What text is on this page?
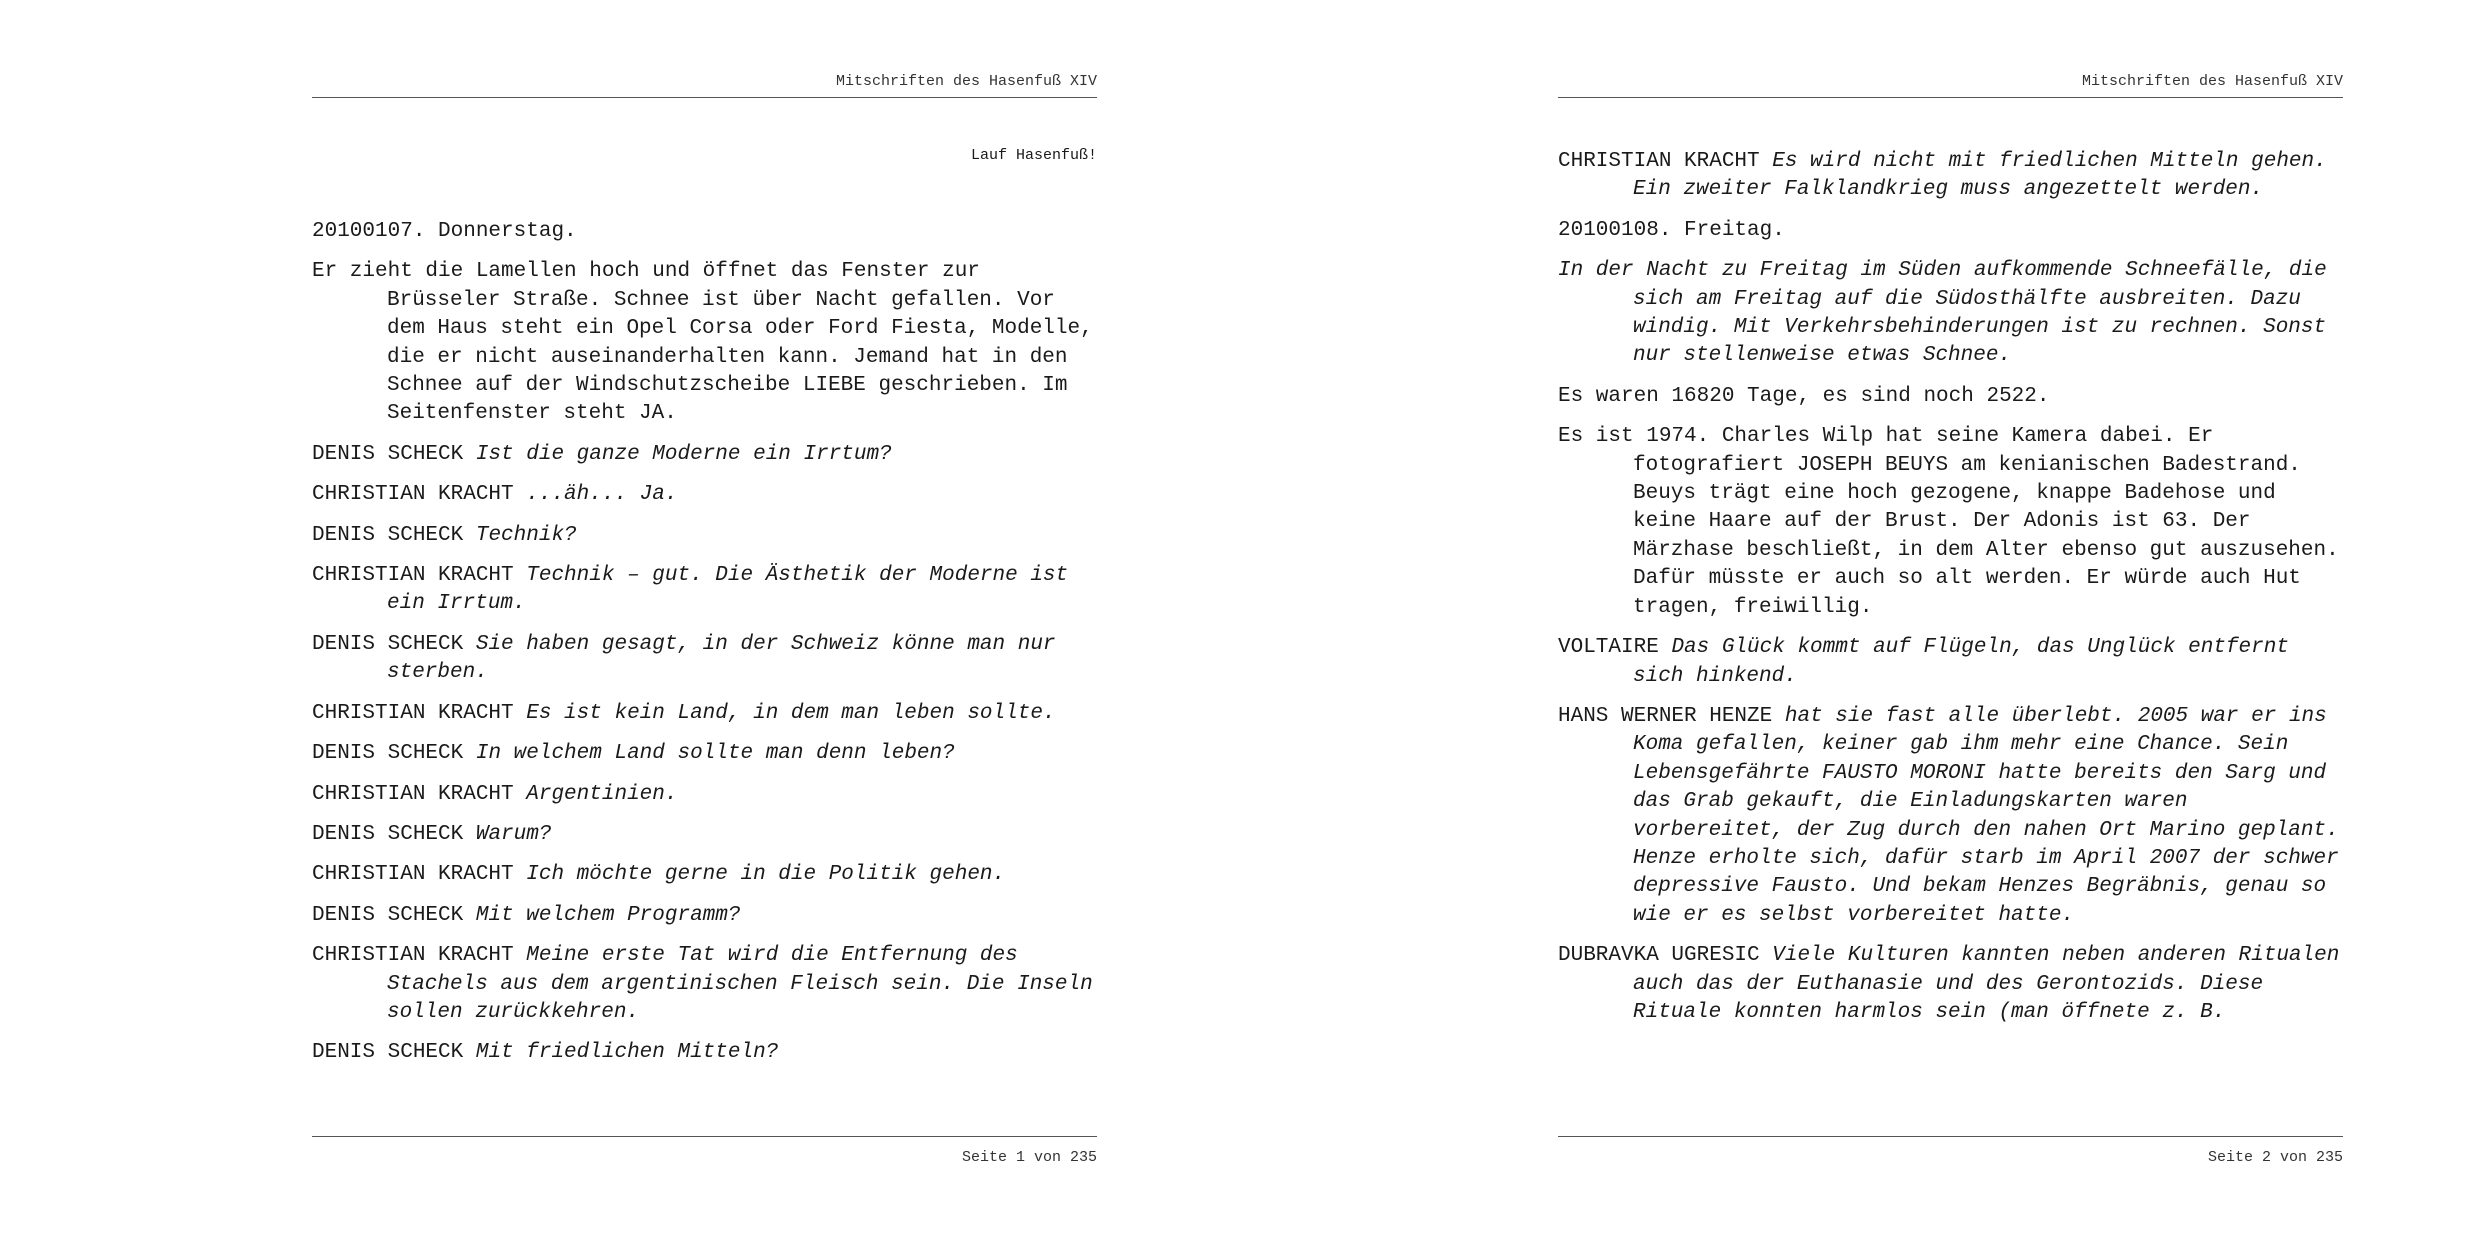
Mitschriften des Hasenfuß XIV
Lauf Hasenfuß!
20100107. Donnerstag.
Er zieht die Lamellen hoch und öffnet das Fenster zur Brüsseler Straße. Schnee ist über Nacht gefallen. Vor dem Haus steht ein Opel Corsa oder Ford Fiesta, Modelle, die er nicht auseinanderhalten kann. Jemand hat in den Schnee auf der Windschutzscheibe LIEBE geschrieben. Im Seitenfenster steht JA.
DENIS SCHECK Ist die ganze Moderne ein Irrtum?
CHRISTIAN KRACHT ...äh... Ja.
DENIS SCHECK Technik?
CHRISTIAN KRACHT Technik – gut. Die Ästhetik der Moderne ist ein Irrtum.
DENIS SCHECK Sie haben gesagt, in der Schweiz könne man nur sterben.
CHRISTIAN KRACHT Es ist kein Land, in dem man leben sollte.
DENIS SCHECK In welchem Land sollte man denn leben?
CHRISTIAN KRACHT Argentinien.
DENIS SCHECK Warum?
CHRISTIAN KRACHT Ich möchte gerne in die Politik gehen.
DENIS SCHECK Mit welchem Programm?
CHRISTIAN KRACHT Meine erste Tat wird die Entfernung des Stachels aus dem argentinischen Fleisch sein. Die Inseln sollen zurückkehren.
DENIS SCHECK Mit friedlichen Mitteln?
Seite 1 von 235
Mitschriften des Hasenfuß XIV
CHRISTIAN KRACHT Es wird nicht mit friedlichen Mitteln gehen. Ein zweiter Falklandkrieg muss angezettelt werden.
20100108. Freitag.
In der Nacht zu Freitag im Süden aufkommende Schneefälle, die sich am Freitag auf die Südosthälfte ausbreiten. Dazu windig. Mit Verkehrsbehinderungen ist zu rechnen. Sonst nur stellenweise etwas Schnee.
Es waren 16820 Tage, es sind noch 2522.
Es ist 1974. Charles Wilp hat seine Kamera dabei. Er fotografiert JOSEPH BEUYS am kenianischen Badestrand. Beuys trägt eine hoch gezogene, knappe Badehose und keine Haare auf der Brust. Der Adonis ist 63. Der Märzhase beschließt, in dem Alter ebenso gut auszusehen. Dafür müsste er auch so alt werden. Er würde auch Hut tragen, freiwillig.
VOLTAIRE Das Glück kommt auf Flügeln, das Unglück entfernt sich hinkend.
HANS WERNER HENZE hat sie fast alle überlebt. 2005 war er ins Koma gefallen, keiner gab ihm mehr eine Chance. Sein Lebensgefährte FAUSTO MORONI hatte bereits den Sarg und das Grab gekauft, die Einladungskarten waren vorbereitet, der Zug durch den nahen Ort Marino geplant. Henze erholte sich, dafür starb im April 2007 der schwer depressive Fausto. Und bekam Henzes Begräbnis, genau so wie er es selbst vorbereitet hatte.
DUBRAVKA UGRESIC Viele Kulturen kannten neben anderen Ritualen auch das der Euthanasie und des Gerontozids. Diese Rituale konnten harmlos sein (man öffnete z. B.
Seite 2 von 235
